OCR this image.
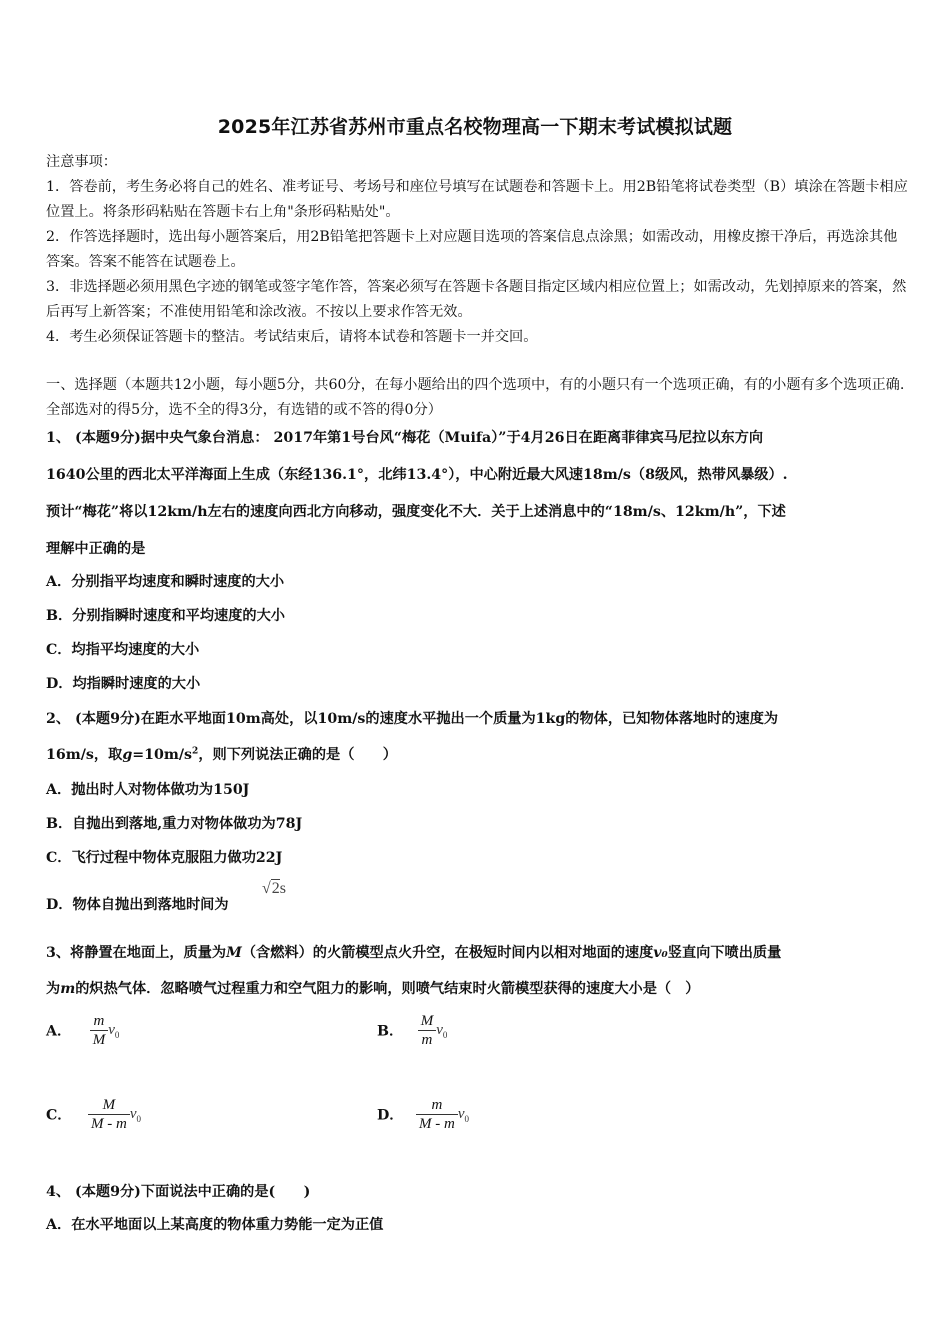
2025年江苏省苏州市重点名校物理高一下期末考试模拟试题

注意事项：

1．答卷前，考生务必将自己的姓名、准考证号、考场号和座位号填写在试题卷和答题卡上。用2B铅笔将试卷类型（B）填涂在答题卡相应位置上。将条形码粘贴在答题卡右上角"条形码粘贴处"。

2．作答选择题时，选出每小题答案后，用2B铅笔把答题卡上对应题目选项的答案信息点涂黑；如需改动，用橡皮擦干净后，再选涂其他答案。答案不能答在试题卷上。

3．非选择题必须用黑色字迹的钢笔或签字笔作答，答案必须写在答题卡各题目指定区域内相应位置上；如需改动，先划掉原来的答案，然后再写上新答案；不准使用铅笔和涂改液。不按以上要求作答无效。

4．考生必须保证答题卡的整洁。考试结束后，请将本试卷和答题卡一并交回。

一、选择题（本题共12小题，每小题5分，共60分，在每小题给出的四个选项中，有的小题只有一个选项正确，有的小题有多个选项正确. 全部选对的得5分，选不全的得3分，有选错的或不答的得0分）
1、 (本题9分)据中央气象台消息： 2017年第1号台风“梅花（Muifa）”于4月26日在距离菲律宾马尼拉以东方向
1640公里的西北太平洋海面上生成（东经136.1°，北纬13.4°），中心附近最大风速18m/s（8级风，热带风暴级）.
预计“梅花”将以12km/h左右的速度向西北方向移动，强度变化不大．关于上述消息中的“18m/s、12km/h”，下述
理解中正确的是
A．分别指平均速度和瞬时速度的大小
B．分别指瞬时速度和平均速度的大小
C．均指平均速度的大小
D．均指瞬时速度的大小
2、 (本题9分)在距水平地面10m高处，以10m/s的速度水平抛出一个质量为1kg的物体，已知物体落地时的速度为
16m/s，取$g=10m/s^2$，则下列说法正确的是（　　）
A．抛出时人对物体做功为150J
B．自抛出到落地,重力对物体做功为78J
C．飞行过程中物体克服阻力做功22J
D．物体自抛出到落地时间为
√2s
3、将静置在地面上，质量为M（含燃料）的火箭模型点火升空，在极短时间内以相对地面的速度v₀竖直向下喷出质量
为m的炽热气体．忽略喷气过程重力和空气阻力的影响，则喷气结束时火箭模型获得的速度大小是（　）
A． $\frac{m}{M} v_0$	B． $\frac{M}{m} v_0$
C． $\frac{M}{M - m} v_0$	D． $\frac{m}{M - m} v_0$
4、 (本题9分)下面说法中正确的是(　　)
A．在水平地面以上某高度的物体重力势能一定为正值
